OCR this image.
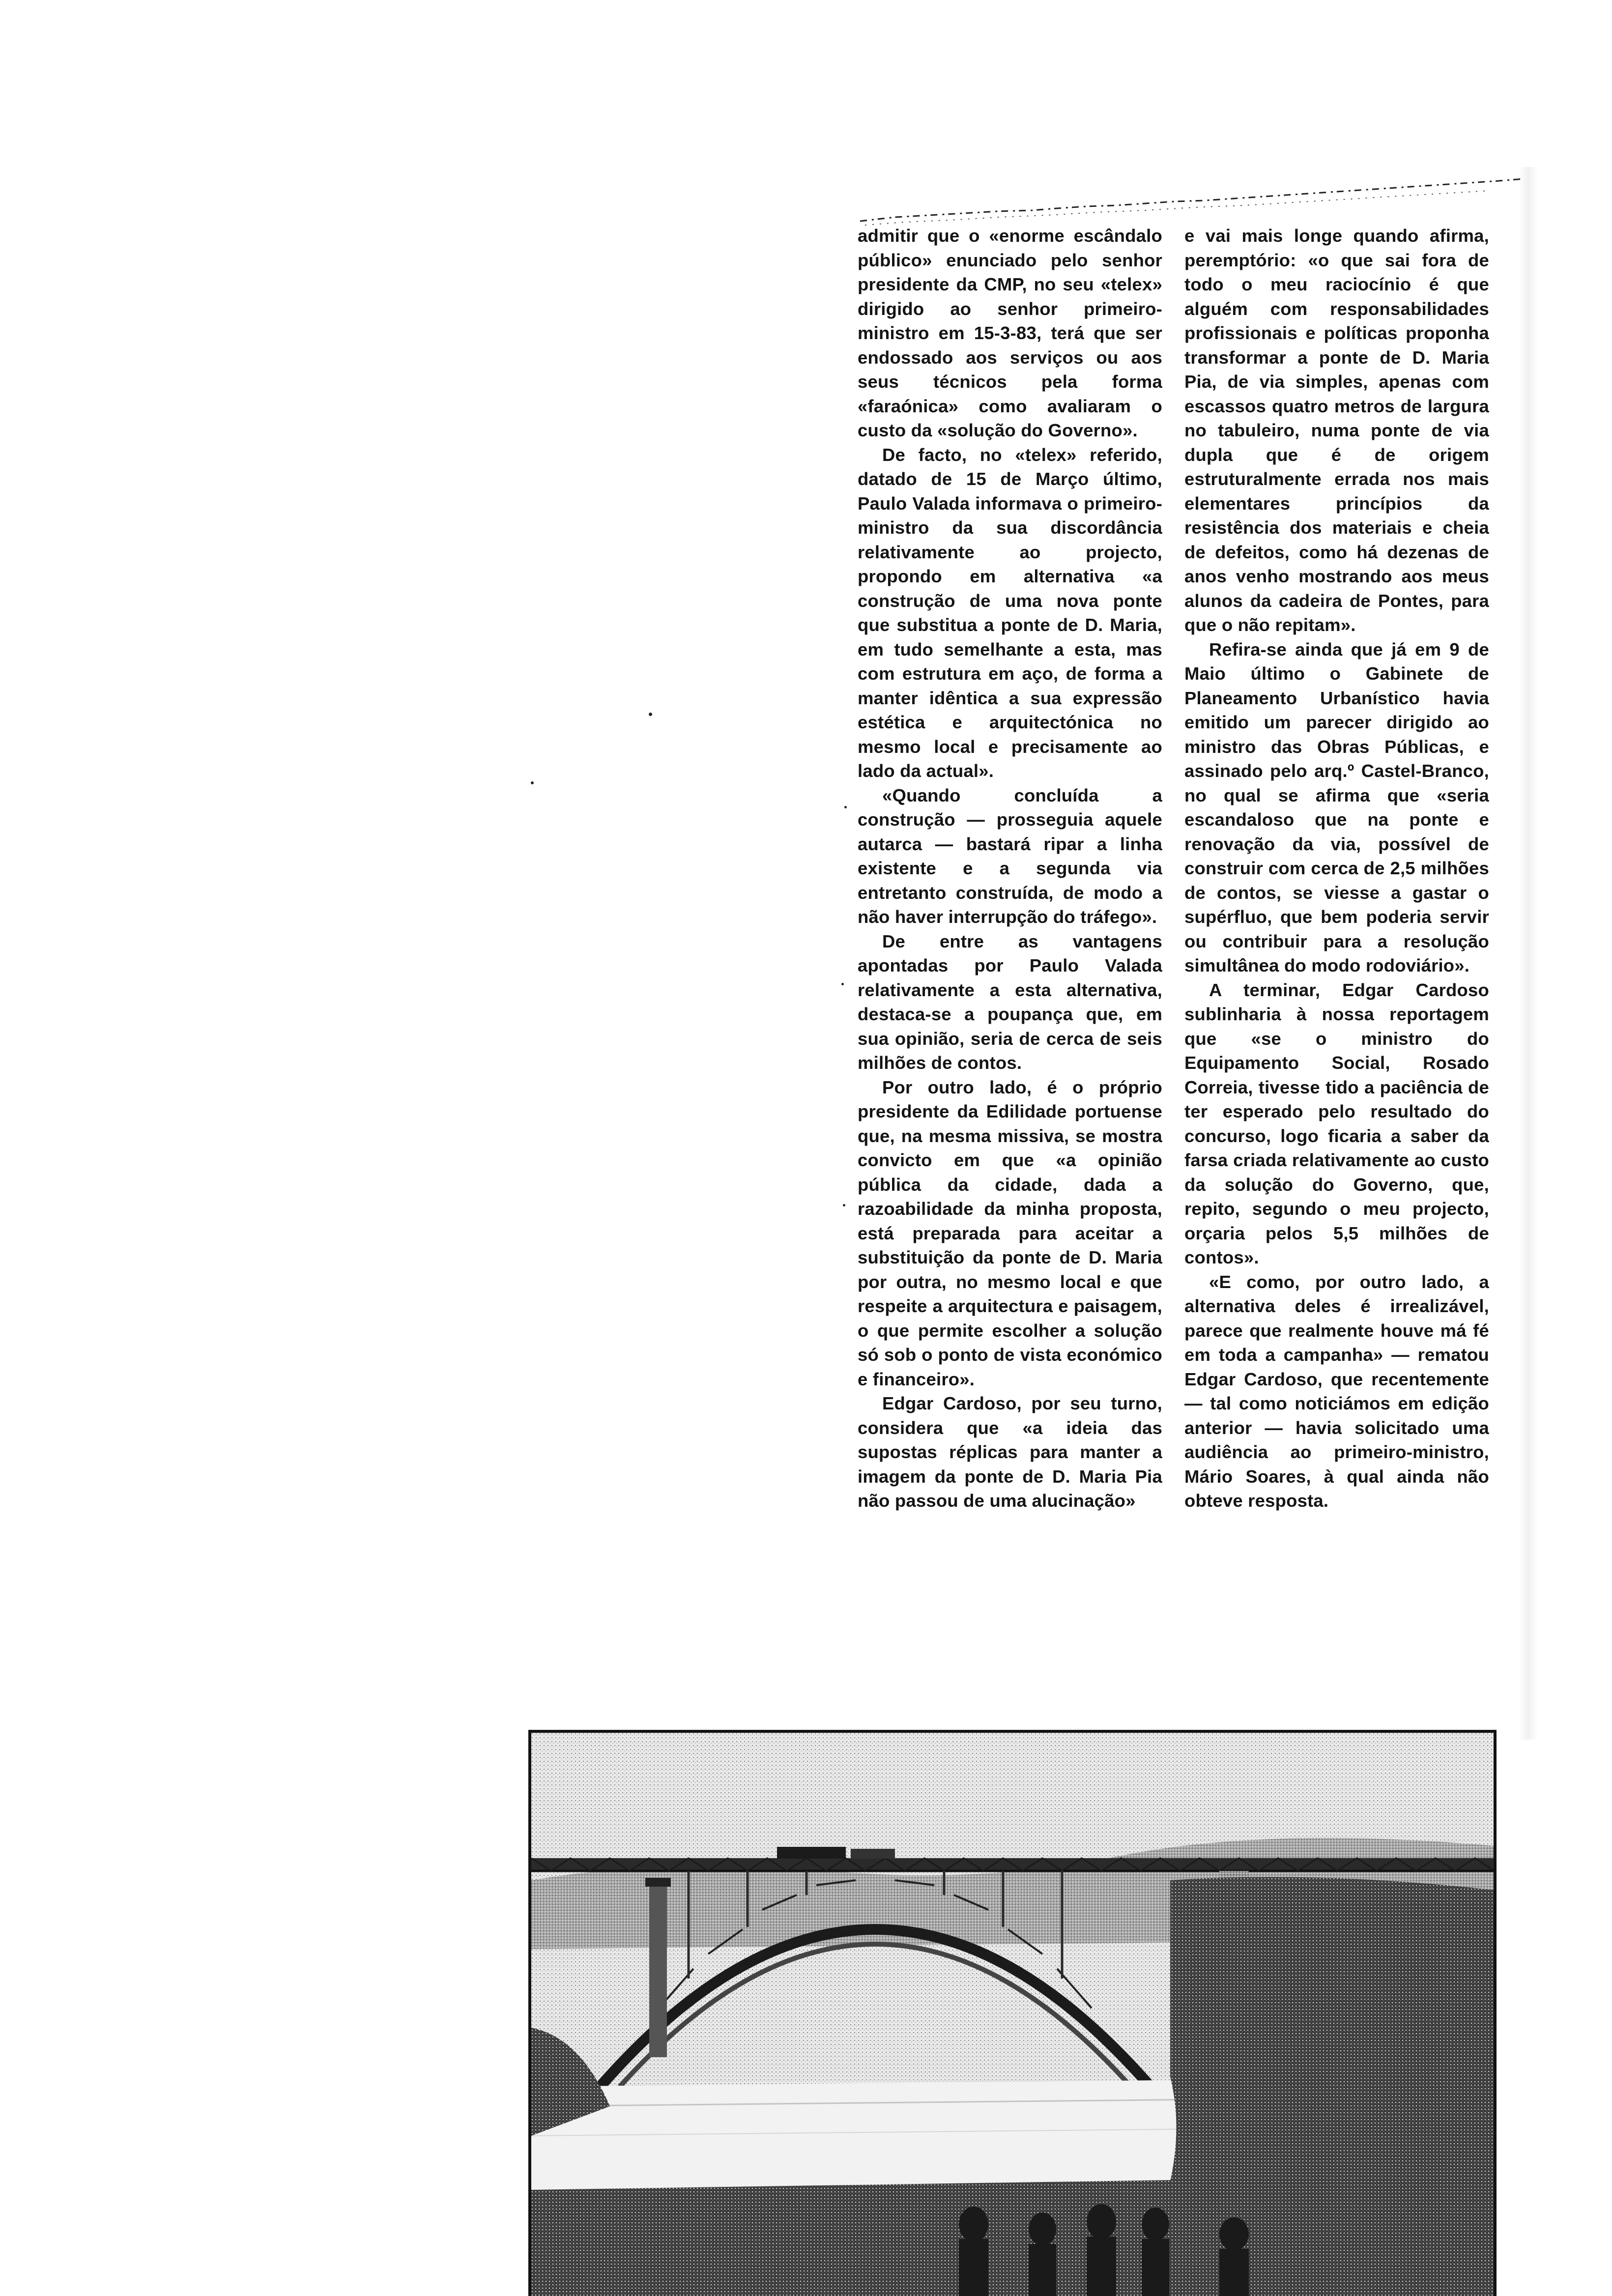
admitir que o «enorme escândalo público» enunciado pelo senhor presidente da CMP, no seu «telex» dirigido ao senhor primeiro-ministro em 15-3-83, terá que ser endossado aos serviços ou aos seus técnicos pela forma «faraónica» como avaliaram o custo da «solução do Governo».

De facto, no «telex» referido, datado de 15 de Março último, Paulo Valada informava o primeiro-ministro da sua discordância relativamente ao projecto, propondo em alternativa «a construção de uma nova ponte que substitua a ponte de D. Maria, em tudo semelhante a esta, mas com estrutura em aço, de forma a manter idêntica a sua expressão estética e arquitectónica no mesmo local e precisamente ao lado da actual».

«Quando concluída a construção — prosseguia aquele autarca — bastará ripar a linha existente e a segunda via entretanto construída, de modo a não haver interrupção do tráfego».

De entre as vantagens apontadas por Paulo Valada relativamente a esta alternativa, destaca-se a poupança que, em sua opinião, seria de cerca de seis milhões de contos.

Por outro lado, é o próprio presidente da Edilidade portuense que, na mesma missiva, se mostra convicto em que «a opinião pública da cidade, dada a razoabilidade da minha proposta, está preparada para aceitar a substituição da ponte de D. Maria por outra, no mesmo local e que respeite a arquitectura e paisagem, o que permite escolher a solução só sob o ponto de vista económico e financeiro».

Edgar Cardoso, por seu turno, considera que «a ideia das supostas réplicas para manter a imagem da ponte de D. Maria Pia não passou de uma alucinação»

e vai mais longe quando afirma, peremptório: «o que sai fora de todo o meu raciocínio é que alguém com responsabilidades profissionais e políticas proponha transformar a ponte de D. Maria Pia, de via simples, apenas com escassos quatro metros de largura no tabuleiro, numa ponte de via dupla que é de origem estruturalmente errada nos mais elementares princípios da resistência dos materiais e cheia de defeitos, como há dezenas de anos venho mostrando aos meus alunos da cadeira de Pontes, para que o não repitam».

Refira-se ainda que já em 9 de Maio último o Gabinete de Planeamento Urbanístico havia emitido um parecer dirigido ao ministro das Obras Públicas, e assinado pelo arq.º Castel-Branco, no qual se afirma que «seria escandaloso que na ponte e renovação da via, possível de construir com cerca de 2,5 milhões de contos, se viesse a gastar o supérfluo, que bem poderia servir ou contribuir para a resolução simultânea do modo rodoviário».

A terminar, Edgar Cardoso sublinharia à nossa reportagem que «se o ministro do Equipamento Social, Rosado Correia, tivesse tido a paciência de ter esperado pelo resultado do concurso, logo ficaria a saber da farsa criada relativamente ao custo da solução do Governo, que, repito, segundo o meu projecto, orçaria pelos 5,5 milhões de contos».

«E como, por outro lado, a alternativa deles é irrealizável, parece que realmente houve má fé em toda a campanha» — rematou Edgar Cardoso, que recentemente — tal como noticiámos em edição anterior — havia solicitado uma audiência ao primeiro-ministro, Mário Soares, à qual ainda não obteve resposta.
